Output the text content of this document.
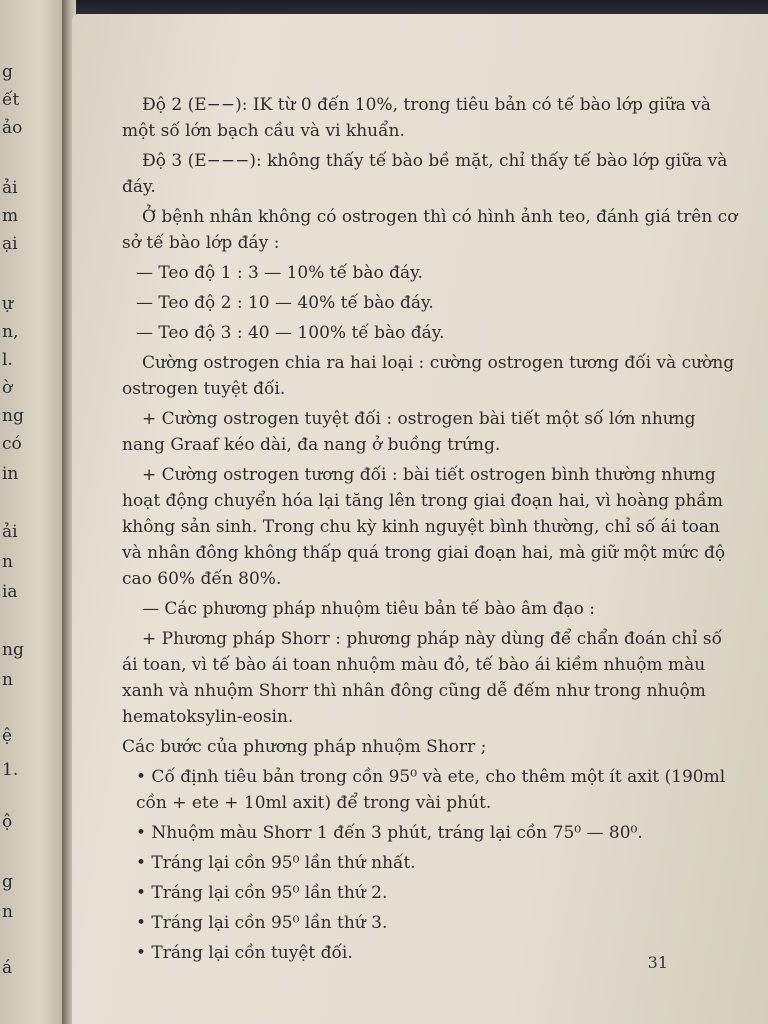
g
ết
ảo
ải
m
ại
ự
n,
l.
ờ
ng
có
in
ải
n
ia
ng
n
ệ
1.
ộ
g
n
á

Độ 2 (E−−): IK từ 0 đến 10%, trong tiêu bản có tế bào lớp giữa và một số lớn bạch cầu và vi khuẩn.

Độ 3 (E−−−): không thấy tế bào bề mặt, chỉ thấy tế bào lớp giữa và đáy.

Ở bệnh nhân không có ostrogen thì có hình ảnh teo, đánh giá trên cơ sở tế bào lớp đáy :

— Teo độ 1 : 3 — 10% tế bào đáy.

— Teo độ 2 : 10 — 40% tế bào đáy.

— Teo độ 3 : 40 — 100% tế bào đáy.

Cường ostrogen chia ra hai loại : cường ostrogen tương đối và cường ostrogen tuyệt đối.

+ Cường ostrogen tuyệt đối : ostrogen bài tiết một số lớn nhưng nang Graaf kéo dài, đa nang ở buồng trứng.

+ Cường ostrogen tương đối : bài tiết ostrogen bình thường nhưng hoạt động chuyển hóa lại tăng lên trong giai đoạn hai, vì hoàng phầm không sản sinh. Trong chu kỳ kinh nguyệt bình thường, chỉ số ái toan và nhân đông không thấp quá trong giai đoạn hai, mà giữ một mức độ cao 60% đến 80%.

— Các phương pháp nhuộm tiêu bản tế bào âm đạo :

+ Phương pháp Shorr : phương pháp này dùng để chẩn đoán chỉ số ái toan, vì tế bào ái toan nhuộm màu đỏ, tế bào ái kiềm nhuộm màu xanh và nhuộm Shorr thì nhân đông cũng dễ đếm như trong nhuộm hematoksylin-eosin.

Các bước của phương pháp nhuộm Shorr ;

• Cố định tiêu bản trong cồn 95⁰ và ete, cho thêm một ít axit (190ml cồn + ete + 10ml axit) để trong vài phút.

• Nhuộm màu Shorr 1 đến 3 phút, tráng lại cồn 75⁰ — 80⁰.

• Tráng lại cồn 95⁰ lần thứ nhất.

• Tráng lại cồn 95⁰ lần thứ 2.

• Tráng lại cồn 95⁰ lần thứ 3.

• Tráng lại cồn tuyệt đối.	31
